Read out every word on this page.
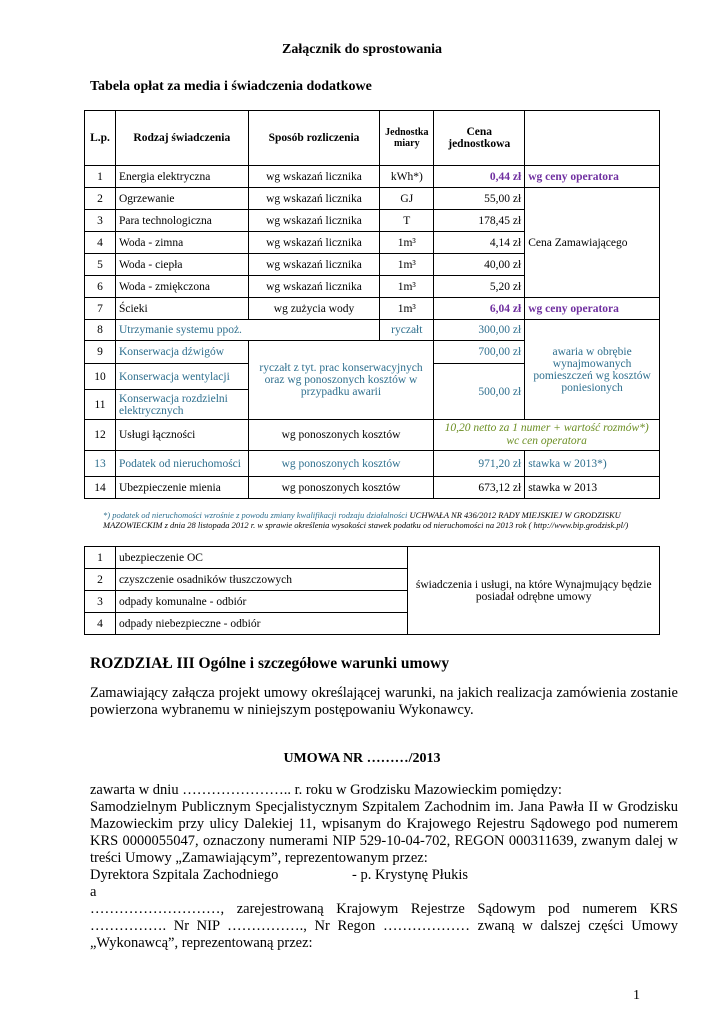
Załącznik do sprostowania
Tabela opłat za media i świadczenia dodatkowe
L.p.	Rodzaj świadczenia	Sposób rozliczenia	Jednostka miary	Cena jednostkowa	
1	Energia elektryczna	wg wskazań licznika	kWh*)	0,44 zł	wg ceny operatora
2	Ogrzewanie	wg wskazań licznika	GJ	55,00 zł	Cena Zamawiającego
3	Para technologiczna	wg wskazań licznika	T	178,45 zł	
4	Woda - zimna	wg wskazań licznika	1m³	4,14 zł	
5	Woda - ciepła	wg wskazań licznika	1m³	40,00 zł	
6	Woda - zmiękczona	wg wskazań licznika	1m³	5,20 zł	
7	Ścieki	wg zużycia wody	1m³	6,04 zł	wg ceny operatora
8	Utrzymanie systemu ppoż.		ryczałt	300,00 zł	awaria w obrębie wynajmowanych pomieszczeń wg kosztów poniesionych
9	Konserwacja dźwigów	ryczałt z tyt. prac konserwacyjnych oraz wg ponoszonych kosztów w przypadku awarii		700,00 zł	
10	Konserwacja wentylacji			500,00 zł	
11	Konserwacja rozdzielni elektrycznych				
12	Usługi łączności	wg ponoszonych kosztów		10,20 netto za 1 numer + wartość rozmów*) wc cen operatora	
13	Podatek od nieruchomości	wg ponoszonych kosztów		971,20 zł	stawka w 2013*)
14	Ubezpieczenie mienia	wg ponoszonych kosztów		673,12 zł	stawka w 2013
*) podatek od nieruchomości wzrośnie z powodu zmiany kwalifikacji rodzaju działalności UCHWAŁA NR 436/2012 RADY MIEJSKIEJ W GRODZISKU MAZOWIECKIM z dnia 28 listopada 2012 r. w sprawie określenia wysokości stawek podatku od nieruchomości na 2013 rok ( http://www.bip.grodzisk.pl/)
1	ubezpieczenie OC	świadczenia i usługi, na które Wynajmujący będzie posiadał odrębne umowy
2	czyszczenie osadników tłuszczowych	
3	odpady komunalne - odbiór	
4	odpady niebezpieczne - odbiór	
ROZDZIAŁ III Ogólne i szczegółowe warunki umowy
Zamawiający załącza projekt umowy określającej warunki, na jakich realizacja zamówienia zostanie powierzona wybranemu w niniejszym postępowaniu Wykonawcy.
UMOWA NR ………/2013
zawarta w dniu ………………….. r. roku w Grodzisku Mazowieckim pomiędzy:
Samodzielnym Publicznym Specjalistycznym Szpitalem Zachodnim im. Jana Pawła II w Grodzisku Mazowieckim przy ulicy Dalekiej 11, wpisanym do Krajowego Rejestru Sądowego pod numerem KRS 0000055047, oznaczony numerami NIP 529-10-04-702, REGON 000311639, zwanym dalej w treści Umowy „Zamawiającym”, reprezentowanym przez:
Dyrektora Szpitala Zachodniego	- p. Krystynę Płukis
a
………………………, zarejestrowaną Krajowym Rejestrze Sądowym pod numerem KRS ……………. Nr NIP ……………., Nr Regon ……………… zwaną w dalszej części Umowy „Wykonawcą”, reprezentowaną przez:
1
